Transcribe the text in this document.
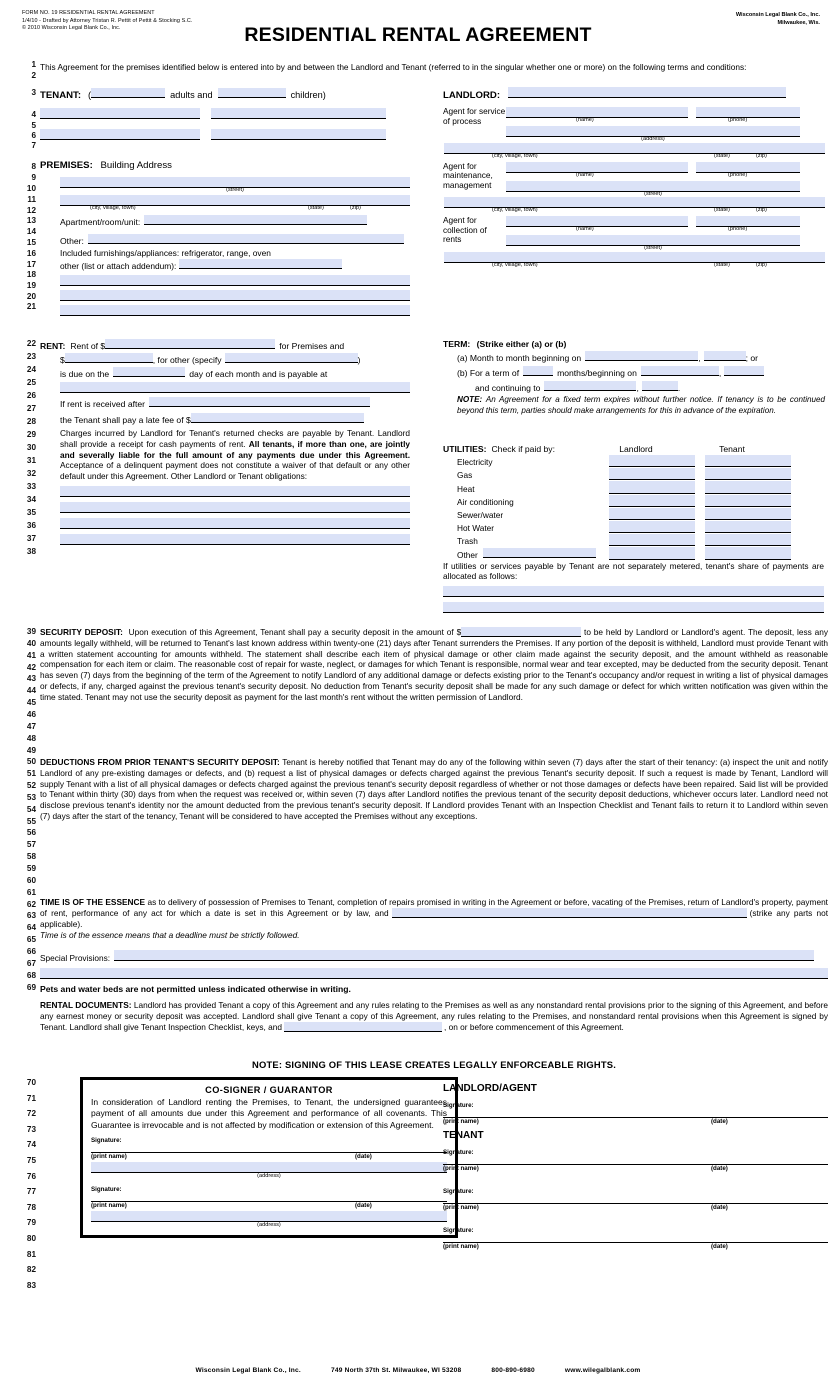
FORM NO. 19 RESIDENTIAL RENTAL AGREEMENT
1/4/10 - Drafted by Attorney Tristan R. Pettit of Pettit & Stocking S.C.
© 2010 Wisconsin Legal Blank Co., Inc.
Wisconsin Legal Blank Co., Inc.
Milwaukee, Wis.
RESIDENTIAL RENTAL AGREEMENT
1
2
3
4
5
6
7
8
9
10
11
12
13
14
15
16
17
18
19
20
21
22
23
24
25
26
27
28
29
30
31
32
33
34
35
36
37
38
39
40
41
42
43
44
45
46
47
48
49
50
51
52
53
54
55
56
57
58
59
60
61
62
63
64
65
66
67
68
69
70
71
72
73
74
75
76
77
78
79
80
81
82
83

This Agreement for the premises identified below is entered into by and between the Landlord and Tenant (referred to in the singular whether one or more) on the following terms and conditions:

TENANT: (	adults and	children)
PREMISES: Building Address
(street)
(city, village, town)	(state)	(zip)
Apartment/room/unit:
Other:

Included furnishings/appliances: refrigerator, range, oven

other (list or attach addendum):
LANDLORD:
Agent for service of process	(name)	(phone)
(address)
(city, village, town)	(state)	(zip)
Agent for maintenance, management
(name)	(phone)
(street)
(city, village, town)	(state)	(zip)
Agent for collection of rents
(name)	(phone)
(street)
(city, village, town)	(state)	(zip)
RENT: Rent of $	for Premises and
$	, for other (specify	)
is due on the	day of each month and is payable at
If rent is received after
the Tenant shall pay a late fee of $

Charges incurred by Landlord for Tenant's returned checks are payable by Tenant. Landlord shall provide a receipt for cash payments of rent. All tenants, if more than one, are jointly and severally liable for the full amount of any payments due under this Agreement. Acceptance of a delinquent payment does not constitute a waiver of that default or any other default under this Agreement. Other Landlord or Tenant obligations:

TERM: (Strike either (a) or (b)
(a) Month to month beginning on	,	; or
(b) For a term of	months/beginning on	,
and continuing to	,	.

NOTE: An Agreement for a fixed term expires without further notice. If tenancy is to be continued beyond this term, parties should make arrangements for this in advance of the expiration.

UTILITIES: Check if paid by:	Landlord	Tenant
Electricity
Gas
Heat
Air conditioning
Sewer/water
Hot Water
Trash
Other

If utilities or services payable by Tenant are not separately metered, tenant's share of payments are allocated as follows:

SECURITY DEPOSIT: Upon execution of this Agreement, Tenant shall pay a security deposit in the amount of $	to be held by Landlord or Landlord's agent. The deposit, less any amounts legally withheld, will be returned to Tenant's last known address within twenty-one (21) days after Tenant surrenders the Premises. If any portion of the deposit is withheld, Landlord must provide Tenant with a written statement accounting for amounts withheld. The statement shall describe each item of physical damage or other claim made against the security deposit, and the amount withheld as reasonable compensation for each item or claim. The reasonable cost of repair for waste, neglect, or damages for which Tenant is responsible, normal wear and tear excepted, may be deducted from the security deposit. Tenant has seven (7) days from the beginning of the term of the Agreement to notify Landlord of any additional damage or defects existing prior to the Tenant's occupancy and/or request in writing a list of physical damages or defects, if any, charged against the previous tenant's security deposit. No deduction from Tenant's security deposit shall be made for any such damage or defect for which written notification was given within the time stated. Tenant may not use the security deposit as payment for the last month's rent without the written permission of Landlord.

DEDUCTIONS FROM PRIOR TENANT'S SECURITY DEPOSIT: Tenant is hereby notified that Tenant may do any of the following within seven (7) days after the start of their tenancy: (a) inspect the unit and notify Landlord of any pre-existing damages or defects, and (b) request a list of physical damages or defects charged against the previous Tenant's security deposit. If such a request is made by Tenant, Landlord will supply Tenant with a list of all physical damages or defects charged against the previous tenant's security deposit regardless of whether or not those damages or defects have been repaired. Said list will be provided to Tenant within thirty (30) days from when the request was received or, within seven (7) days after Landlord notifies the previous tenant of the security deposit deductions, whichever occurs later. Landlord need not disclose previous tenant's identity nor the amount deducted from the previous tenant's security deposit. If Landlord provides Tenant with an Inspection Checklist and Tenant fails to return it to Landlord within seven (7) days after the start of the tenancy, Tenant will be considered to have accepted the Premises without any exceptions.

TIME IS OF THE ESSENCE as to delivery of possession of Premises to Tenant, completion of repairs promised in writing in the Agreement or before, vacating of the Premises, return of Landlord's property, payment of rent, performance of any act for which a date is set in this Agreement or by law, and	(strike any parts not applicable).

Time is of the essence means that a deadline must be strictly followed.

Special Provisions:

Pets and water beds are not permitted unless indicated otherwise in writing.

RENTAL DOCUMENTS: Landlord has provided Tenant a copy of this Agreement and any rules relating to the Premises as well as any nonstandard rental provisions prior to the signing of this Agreement, and before any earnest money or security deposit was accepted. Landlord shall give Tenant a copy of this Agreement, any rules relating to the Premises, and nonstandard rental provisions when this Agreement is signed by Tenant. Landlord shall give Tenant Inspection Checklist, keys, and	, on or before commencement of this Agreement.

NOTE: SIGNING OF THIS LEASE CREATES LEGALLY ENFORCEABLE RIGHTS.
CO-SIGNER / GUARANTOR

In consideration of Landlord renting the Premises, to Tenant, the undersigned guarantees payment of all amounts due under this Agreement and performance of all covenants. This Guarantee is irrevocable and is not affected by modification or extension of this Agreement.

Signature:
(print name)	(date)
(address)
Signature:
(print name)	(date)
(address)
LANDLORD/AGENT
Signature:
(print name)	(date)
TENANT
Signature:
(print name)	(date)
Signature:
(print name)	(date)
Signature:
(print name)	(date)
Wisconsin Legal Blank Co., Inc.	749 North 37th St. Milwaukee, WI 53208	800-890-6980	www.wilegalblank.com
